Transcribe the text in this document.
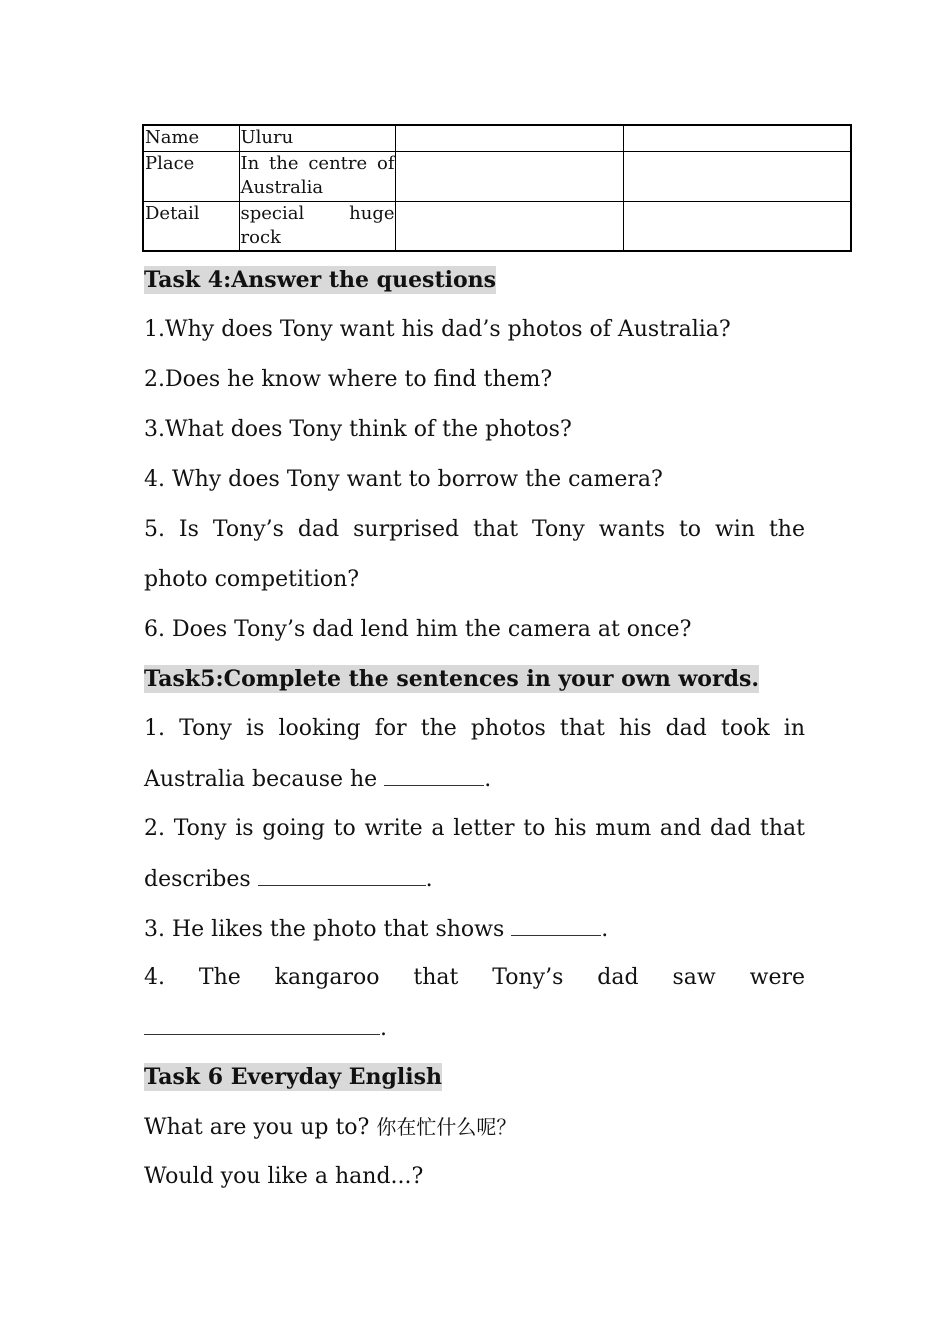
Name	Uluru		
Place	In the centre of
Australia		

Detail	special huge
rock		

Task 4:Answer the questions
1.Why does Tony want his dad’s photos of Australia?
2.Does he know where to find them?
3.What does Tony think of the photos?
4. Why does Tony want to borrow the camera?
5. Is Tony’s dad surprised that Tony wants to win the
photo competition?
6. Does Tony’s dad lend him the camera at once?
Task5:Complete the sentences in your own words.
1. Tony is looking for the photos that his dad took in
Australia because he	.
2. Tony is going to write a letter to his mum and dad that
describes	.
3. He likes the photo that shows	.
4. The kangaroo that Tony’s dad saw were
.
Task 6 Everyday English
What are you up to? 你在忙什么呢？
Would you like a hand...?
